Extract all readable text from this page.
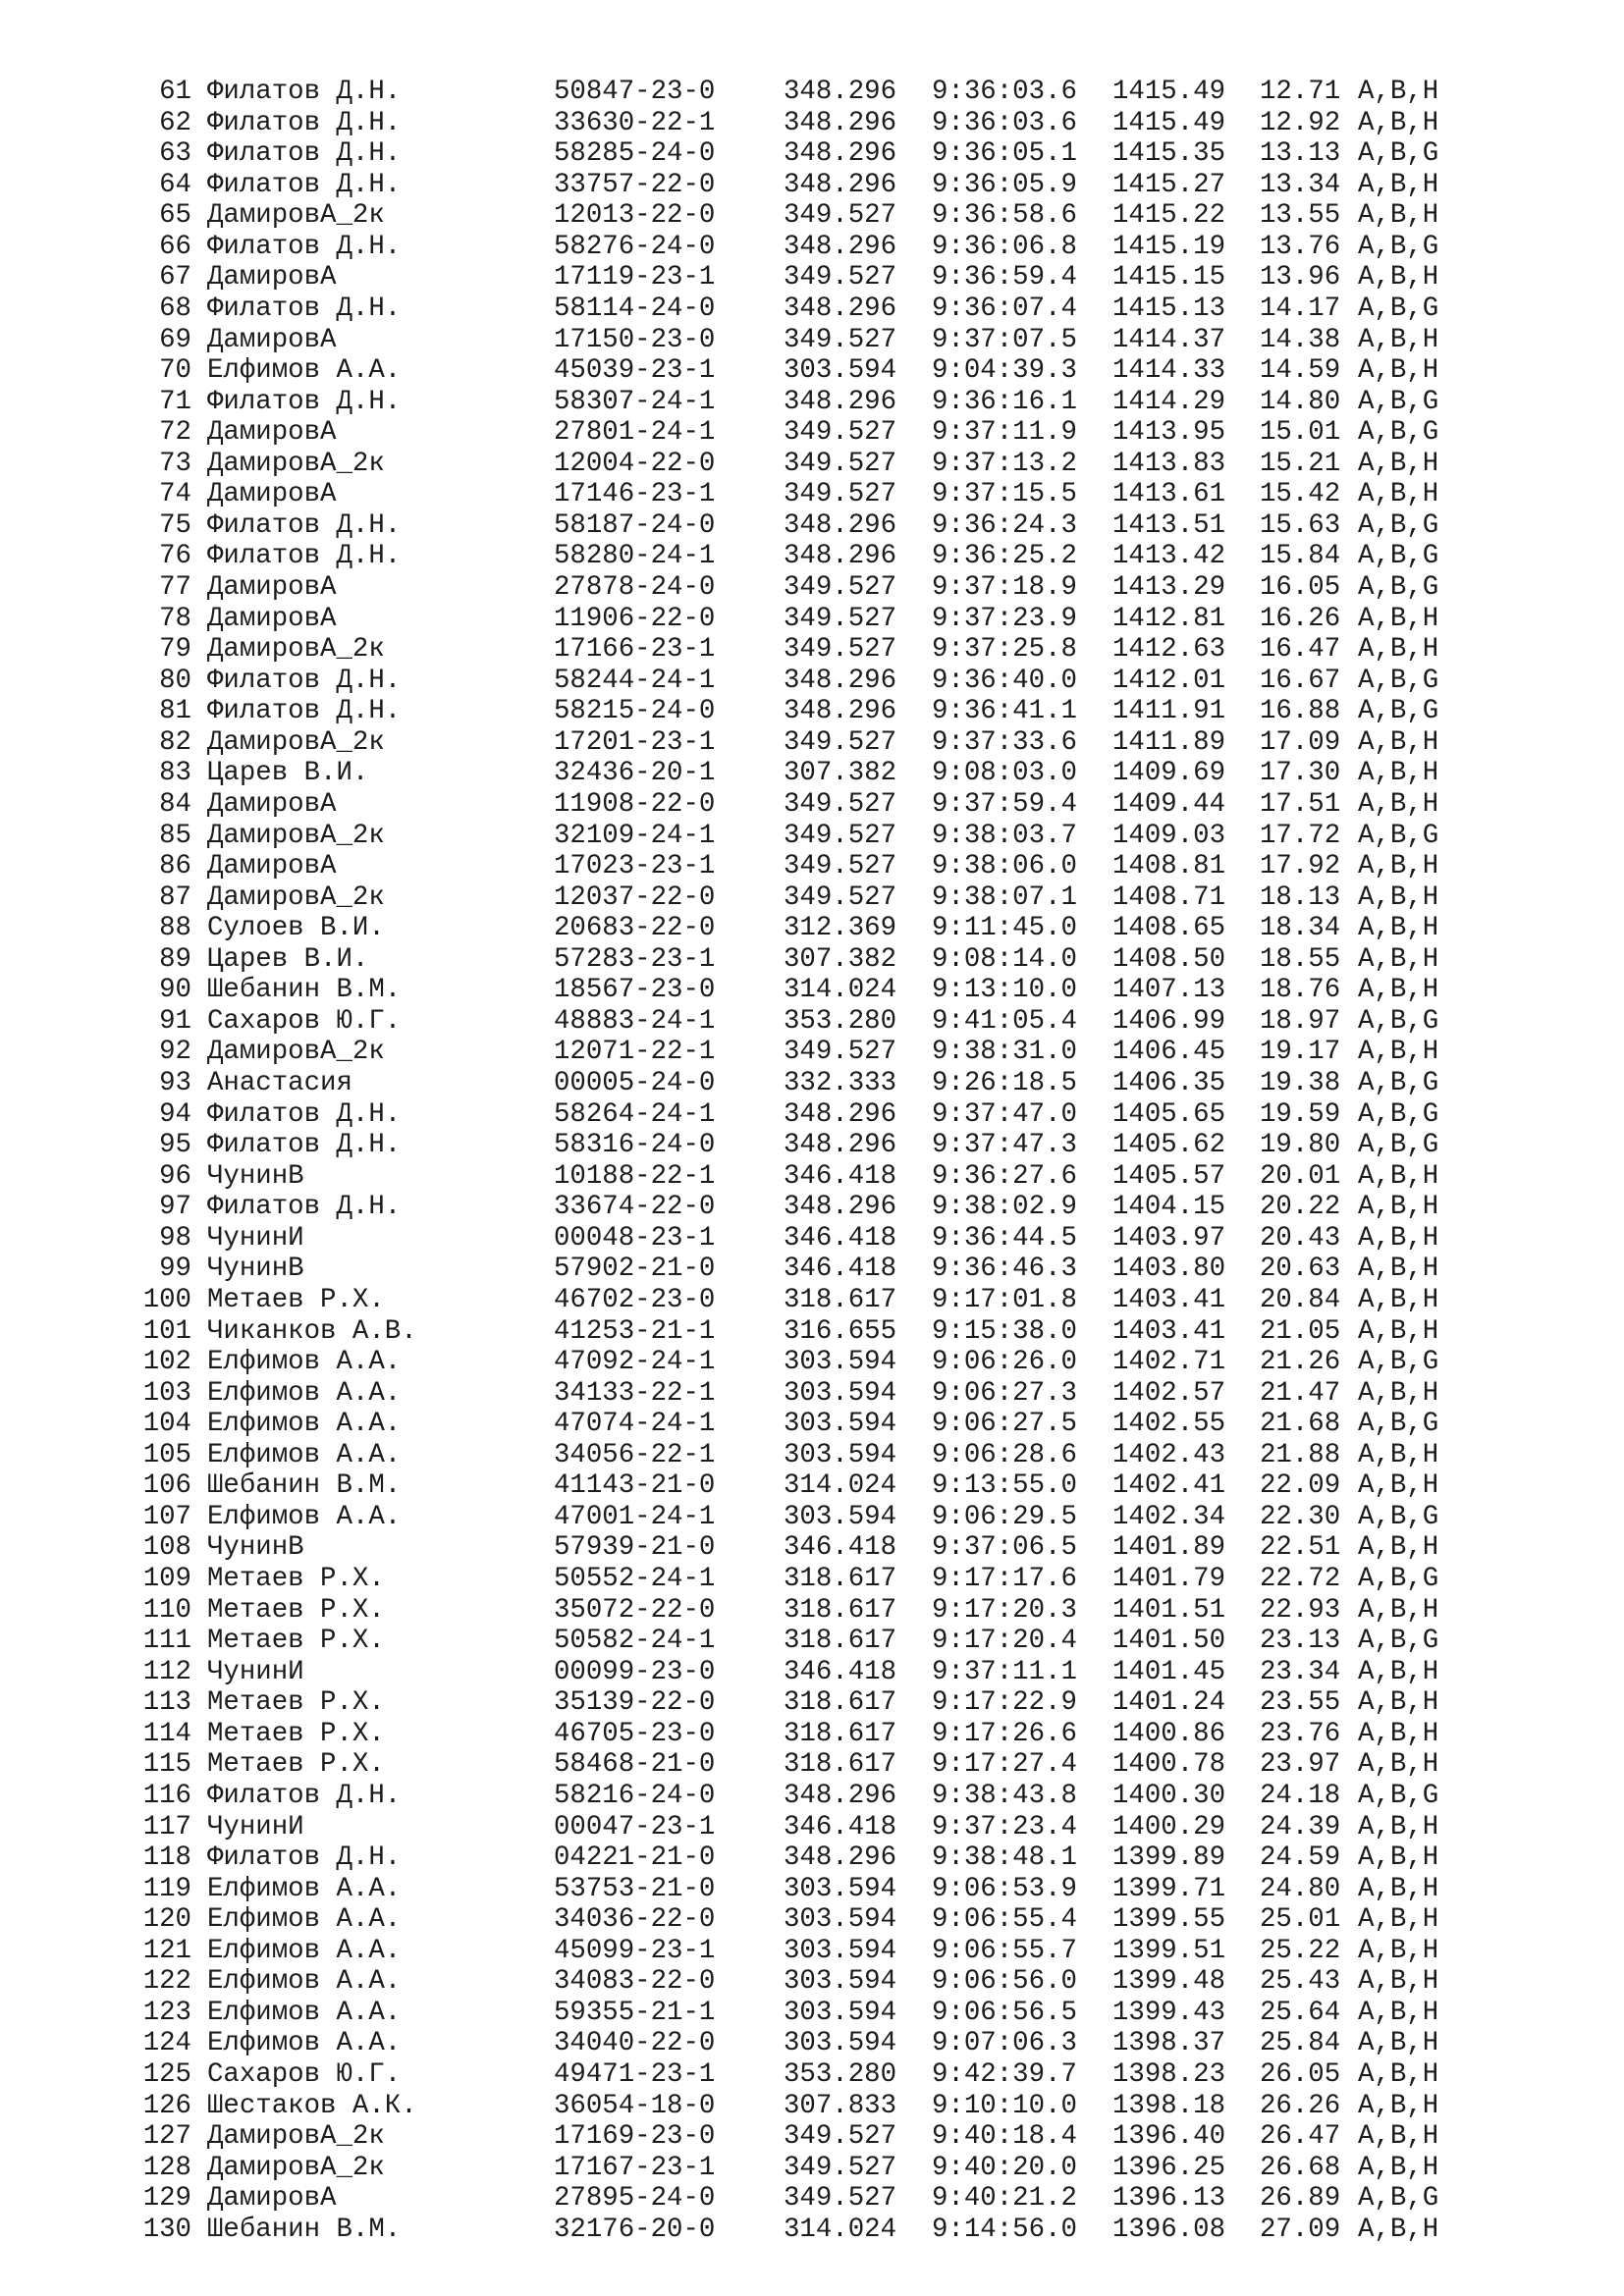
61 Филатов Д.Н.	50847-23-0	348.296 9:36:03.6 1415.49 12.71 A,B,H
62 Филатов Д.Н.	33630-22-1	348.296 9:36:03.6 1415.49 12.92 A,B,H
63 Филатов Д.Н.	58285-24-0	348.296 9:36:05.1 1415.35 13.13 A,B,G
64 Филатов Д.Н.	33757-22-0	348.296 9:36:05.9 1415.27 13.34 A,B,H
65 ДамировА_2к	12013-22-0	349.527 9:36:58.6 1415.22 13.55 A,B,H
66 Филатов Д.Н.	58276-24-0	348.296 9:36:06.8 1415.19 13.76 A,B,G
67 ДамировА	17119-23-1	349.527 9:36:59.4 1415.15 13.96 A,B,H
68 Филатов Д.Н.	58114-24-0	348.296 9:36:07.4 1415.13 14.17 A,B,G
69 ДамировА	17150-23-0	349.527 9:37:07.5 1414.37 14.38 A,B,H
70 Елфимов А.А.	45039-23-1	303.594 9:04:39.3 1414.33 14.59 A,B,H
71 Филатов Д.Н.	58307-24-1	348.296 9:36:16.1 1414.29 14.80 A,B,G
72 ДамировА	27801-24-1	349.527 9:37:11.9 1413.95 15.01 A,B,G
73 ДамировА_2к	12004-22-0	349.527 9:37:13.2 1413.83 15.21 A,B,H
74 ДамировА	17146-23-1	349.527 9:37:15.5 1413.61 15.42 A,B,H
75 Филатов Д.Н.	58187-24-0	348.296 9:36:24.3 1413.51 15.63 A,B,G
76 Филатов Д.Н.	58280-24-1	348.296 9:36:25.2 1413.42 15.84 A,B,G
77 ДамировА	27878-24-0	349.527 9:37:18.9 1413.29 16.05 A,B,G
78 ДамировА	11906-22-0	349.527 9:37:23.9 1412.81 16.26 A,B,H
79 ДамировА_2к	17166-23-1	349.527 9:37:25.8 1412.63 16.47 A,B,H
80 Филатов Д.Н.	58244-24-1	348.296 9:36:40.0 1412.01 16.67 A,B,G
81 Филатов Д.Н.	58215-24-0	348.296 9:36:41.1 1411.91 16.88 A,B,G
82 ДамировА_2к	17201-23-1	349.527 9:37:33.6 1411.89 17.09 A,B,H
83 Царев В.И.	32436-20-1	307.382 9:08:03.0 1409.69 17.30 A,B,H
84 ДамировА	11908-22-0	349.527 9:37:59.4 1409.44 17.51 A,B,H
85 ДамировА_2к	32109-24-1	349.527 9:38:03.7 1409.03 17.72 A,B,G
86 ДамировА	17023-23-1	349.527 9:38:06.0 1408.81 17.92 A,B,H
87 ДамировА_2к	12037-22-0	349.527 9:38:07.1 1408.71 18.13 A,B,H
88 Сулоев В.И.	20683-22-0	312.369 9:11:45.0 1408.65 18.34 A,B,H
89 Царев В.И.	57283-23-1	307.382 9:08:14.0 1408.50 18.55 A,B,H
90 Шебанин В.М.	18567-23-0	314.024 9:13:10.0 1407.13 18.76 A,B,H
91 Сахаров Ю.Г.	48883-24-1	353.280 9:41:05.4 1406.99 18.97 A,B,G
92 ДамировА_2к	12071-22-1	349.527 9:38:31.0 1406.45 19.17 A,B,H
93 Анастасия	00005-24-0	332.333 9:26:18.5 1406.35 19.38 A,B,G
94 Филатов Д.Н.	58264-24-1	348.296 9:37:47.0 1405.65 19.59 A,B,G
95 Филатов Д.Н.	58316-24-0	348.296 9:37:47.3 1405.62 19.80 A,B,G
96 ЧунинВ	10188-22-1	346.418 9:36:27.6 1405.57 20.01 A,B,H
97 Филатов Д.Н.	33674-22-0	348.296 9:38:02.9 1404.15 20.22 A,B,H
98 ЧунинИ	00048-23-1	346.418 9:36:44.5 1403.97 20.43 A,B,H
99 ЧунинВ	57902-21-0	346.418 9:36:46.3 1403.80 20.63 A,B,H
100 Метаев Р.Х.	46702-23-0	318.617 9:17:01.8 1403.41 20.84 A,B,H
101 Чиканков А.В.	41253-21-1	316.655 9:15:38.0 1403.41 21.05 A,B,H
102 Елфимов А.А.	47092-24-1	303.594 9:06:26.0 1402.71 21.26 A,B,G
103 Елфимов А.А.	34133-22-1	303.594 9:06:27.3 1402.57 21.47 A,B,H
104 Елфимов А.А.	47074-24-1	303.594 9:06:27.5 1402.55 21.68 A,B,G
105 Елфимов А.А.	34056-22-1	303.594 9:06:28.6 1402.43 21.88 A,B,H
106 Шебанин В.М.	41143-21-0	314.024 9:13:55.0 1402.41 22.09 A,B,H
107 Елфимов А.А.	47001-24-1	303.594 9:06:29.5 1402.34 22.30 A,B,G
108 ЧунинВ	57939-21-0	346.418 9:37:06.5 1401.89 22.51 A,B,H
109 Метаев Р.Х.	50552-24-1	318.617 9:17:17.6 1401.79 22.72 A,B,G
110 Метаев Р.Х.	35072-22-0	318.617 9:17:20.3 1401.51 22.93 A,B,H
111 Метаев Р.Х.	50582-24-1	318.617 9:17:20.4 1401.50 23.13 A,B,G
112 ЧунинИ	00099-23-0	346.418 9:37:11.1 1401.45 23.34 A,B,H
113 Метаев Р.Х.	35139-22-0	318.617 9:17:22.9 1401.24 23.55 A,B,H
114 Метаев Р.Х.	46705-23-0	318.617 9:17:26.6 1400.86 23.76 A,B,H
115 Метаев Р.Х.	58468-21-0	318.617 9:17:27.4 1400.78 23.97 A,B,H
116 Филатов Д.Н.	58216-24-0	348.296 9:38:43.8 1400.30 24.18 A,B,G
117 ЧунинИ	00047-23-1	346.418 9:37:23.4 1400.29 24.39 A,B,H
118 Филатов Д.Н.	04221-21-0	348.296 9:38:48.1 1399.89 24.59 A,B,H
119 Елфимов А.А.	53753-21-0	303.594 9:06:53.9 1399.71 24.80 A,B,H
120 Елфимов А.А.	34036-22-0	303.594 9:06:55.4 1399.55 25.01 A,B,H
121 Елфимов А.А.	45099-23-1	303.594 9:06:55.7 1399.51 25.22 A,B,H
122 Елфимов А.А.	34083-22-0	303.594 9:06:56.0 1399.48 25.43 A,B,H
123 Елфимов А.А.	59355-21-1	303.594 9:06:56.5 1399.43 25.64 A,B,H
124 Елфимов А.А.	34040-22-0	303.594 9:07:06.3 1398.37 25.84 A,B,H
125 Сахаров Ю.Г.	49471-23-1	353.280 9:42:39.7 1398.23 26.05 A,B,H
126 Шестаков А.К.	36054-18-0	307.833 9:10:10.0 1398.18 26.26 A,B,H
127 ДамировА_2к	17169-23-0	349.527 9:40:18.4 1396.40 26.47 A,B,H
128 ДамировА_2к	17167-23-1	349.527 9:40:20.0 1396.25 26.68 A,B,H
129 ДамировА	27895-24-0	349.527 9:40:21.2 1396.13 26.89 A,B,G
130 Шебанин В.М.	32176-20-0	314.024 9:14:56.0 1396.08 27.09 A,B,H
